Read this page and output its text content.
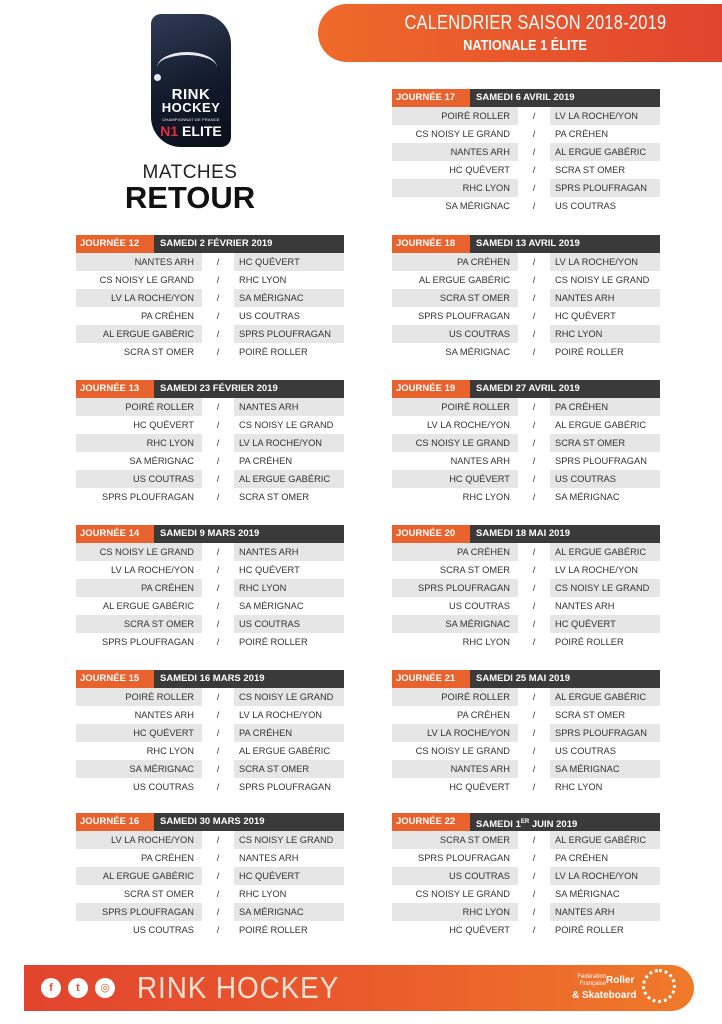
CALENDRIER SAISON 2018-2019
NATIONALE 1 ÉLITE
RINK
HOCKEY
CHAMPIONNAT DE FRANCE
N1 ELITE
MATCHES
RETOUR
JOURNÉE 12	SAMEDI 2 FÉVRIER 2019
NANTES ARH	/	HC QUÉVERT
CS NOISY LE GRAND	/	RHC LYON
LV LA ROCHE/YON	/	SA MÉRIGNAC
PA CRÉHEN	/	US COUTRAS
AL ERGUE GABÉRIC	/	SPRS PLOUFRAGAN
SCRA ST OMER	/	POIRÉ ROLLER
JOURNÉE 13	SAMEDI 23 FÉVRIER 2019
POIRÉ ROLLER	/	NANTES ARH
HC QUÉVERT	/	CS NOISY LE GRAND
RHC LYON	/	LV LA ROCHE/YON
SA MÉRIGNAC	/	PA CRÉHEN
US COUTRAS	/	AL ERGUE GABÉRIC
SPRS PLOUFRAGAN	/	SCRA ST OMER
JOURNÉE 14	SAMEDI 9 MARS 2019
CS NOISY LE GRAND	/	NANTES ARH
LV LA ROCHE/YON	/	HC QUÉVERT
PA CRÉHEN	/	RHC LYON
AL ERGUE GABÉRIC	/	SA MÉRIGNAC
SCRA ST OMER	/	US COUTRAS
SPRS PLOUFRAGAN	/	POIRÉ ROLLER
JOURNÉE 15	SAMEDI 16 MARS 2019
POIRÉ ROLLER	/	CS NOISY LE GRAND
NANTES ARH	/	LV LA ROCHE/YON
HC QUÉVERT	/	PA CRÉHEN
RHC LYON	/	AL ERGUE GABÉRIC
SA MÉRIGNAC	/	SCRA ST OMER
US COUTRAS	/	SPRS PLOUFRAGAN
JOURNÉE 16	SAMEDI 30 MARS 2019
LV LA ROCHE/YON	/	CS NOISY LE GRAND
PA CRÉHEN	/	NANTES ARH
AL ERGUE GABÉRIC	/	HC QUÉVERT
SCRA ST OMER	/	RHC LYON
SPRS PLOUFRAGAN	/	SA MÉRIGNAC
US COUTRAS	/	POIRÉ ROLLER
JOURNÉE 17	SAMEDI 6 AVRIL 2019
POIRÉ ROLLER	/	LV LA ROCHE/YON
CS NOISY LE GRAND	/	PA CRÉHEN
NANTES ARH	/	AL ERGUE GABÉRIC
HC QUÉVERT	/	SCRA ST OMER
RHC LYON	/	SPRS PLOUFRAGAN
SA MÉRIGNAC	/	US COUTRAS
JOURNÉE 18	SAMEDI 13 AVRIL 2019
PA CRÉHEN	/	LV LA ROCHE/YON
AL ERGUE GABÉRIC	/	CS NOISY LE GRAND
SCRA ST OMER	/	NANTES ARH
SPRS PLOUFRAGAN	/	HC QUÉVERT
US COUTRAS	/	RHC LYON
SA MÉRIGNAC	/	POIRÉ ROLLER
JOURNÉE 19	SAMEDI 27 AVRIL 2019
POIRÉ ROLLER	/	PA CRÉHEN
LV LA ROCHE/YON	/	AL ERGUE GABÉRIC
CS NOISY LE GRAND	/	SCRA ST OMER
NANTES ARH	/	SPRS PLOUFRAGAN
HC QUÉVERT	/	US COUTRAS
RHC LYON	/	SA MÉRIGNAC
JOURNÉE 20	SAMEDI 18 MAI 2019
PA CRÉHEN	/	AL ERGUE GABÉRIC
SCRA ST OMER	/	LV LA ROCHE/YON
SPRS PLOUFRAGAN	/	CS NOISY LE GRAND
US COUTRAS	/	NANTES ARH
SA MÉRIGNAC	/	HC QUÉVERT
RHC LYON	/	POIRÉ ROLLER
JOURNÉE 21	SAMEDI 25 MAI 2019
POIRÉ ROLLER	/	AL ERGUE GABÉRIC
PA CRÉHEN	/	SCRA ST OMER
LV LA ROCHE/YON	/	SPRS PLOUFRAGAN
CS NOISY LE GRAND	/	US COUTRAS
NANTES ARH	/	SA MÉRIGNAC
HC QUÉVERT	/	RHC LYON
JOURNÉE 22	SAMEDI 1ER JUIN 2019
SCRA ST OMER	/	AL ERGUE GABÉRIC
SPRS PLOUFRAGAN	/	PA CRÉHEN
US COUTRAS	/	LV LA ROCHE/YON
CS NOISY LE GRAND	/	SA MÉRIGNAC
RHC LYON	/	NANTES ARH
HC QUÉVERT	/	POIRÉ ROLLER
f	t	◎ RINK HOCKEY	Fédération
Française Roller
& Skateboard
